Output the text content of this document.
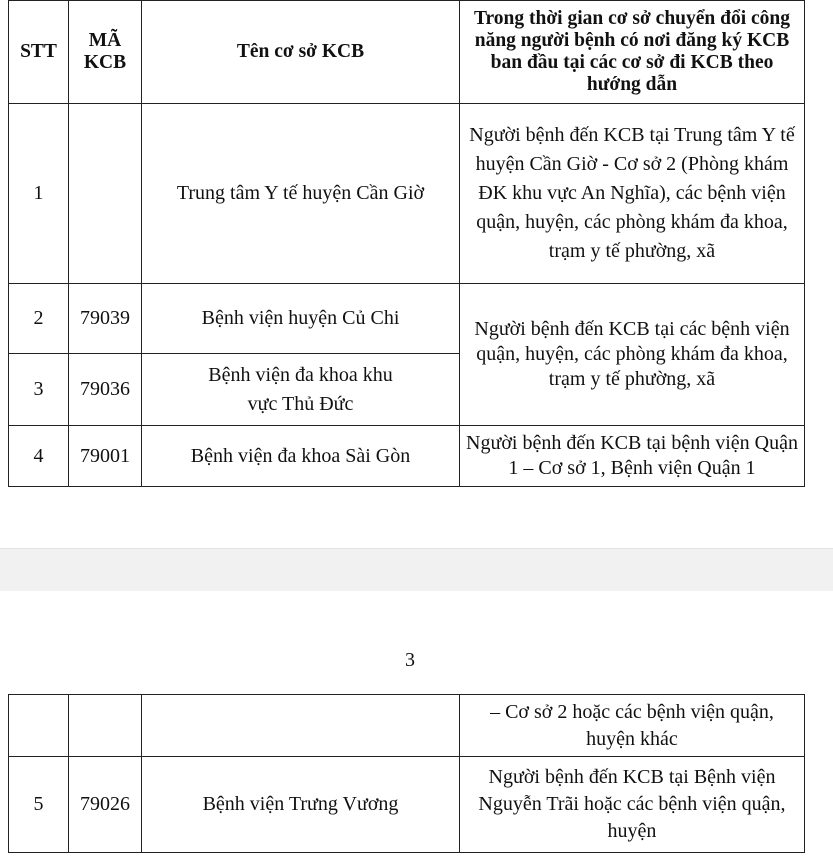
STT	MÃ KCB	Tên cơ sở KCB	Trong thời gian cơ sở chuyển đổi công năng người bệnh có nơi đăng ký KCB ban đầu tại các cơ sở đi KCB theo hướng dẫn
1		Trung tâm Y tế huyện Cần Giờ	Người bệnh đến KCB tại Trung tâm Y tế huyện Cần Giờ - Cơ sở 2 (Phòng khám ĐK khu vực An Nghĩa), các bệnh viện quận, huyện, các phòng khám đa khoa, trạm y tế phường, xã
2	79039	Bệnh viện huyện Củ Chi	Người bệnh đến KCB tại các bệnh viện quận, huyện, các phòng khám đa khoa, trạm y tế phường, xã
3	79036	Bệnh viện đa khoa khu vực Thủ Đức	
4	79001	Bệnh viện đa khoa Sài Gòn	Người bệnh đến KCB tại bệnh viện Quận 1 – Cơ sở 1, Bệnh viện Quận 1
3
			– Cơ sở 2 hoặc các bệnh viện quận, huyện khác
5	79026	Bệnh viện Trưng Vương	Người bệnh đến KCB tại Bệnh viện Nguyễn Trãi hoặc các bệnh viện quận, huyện
